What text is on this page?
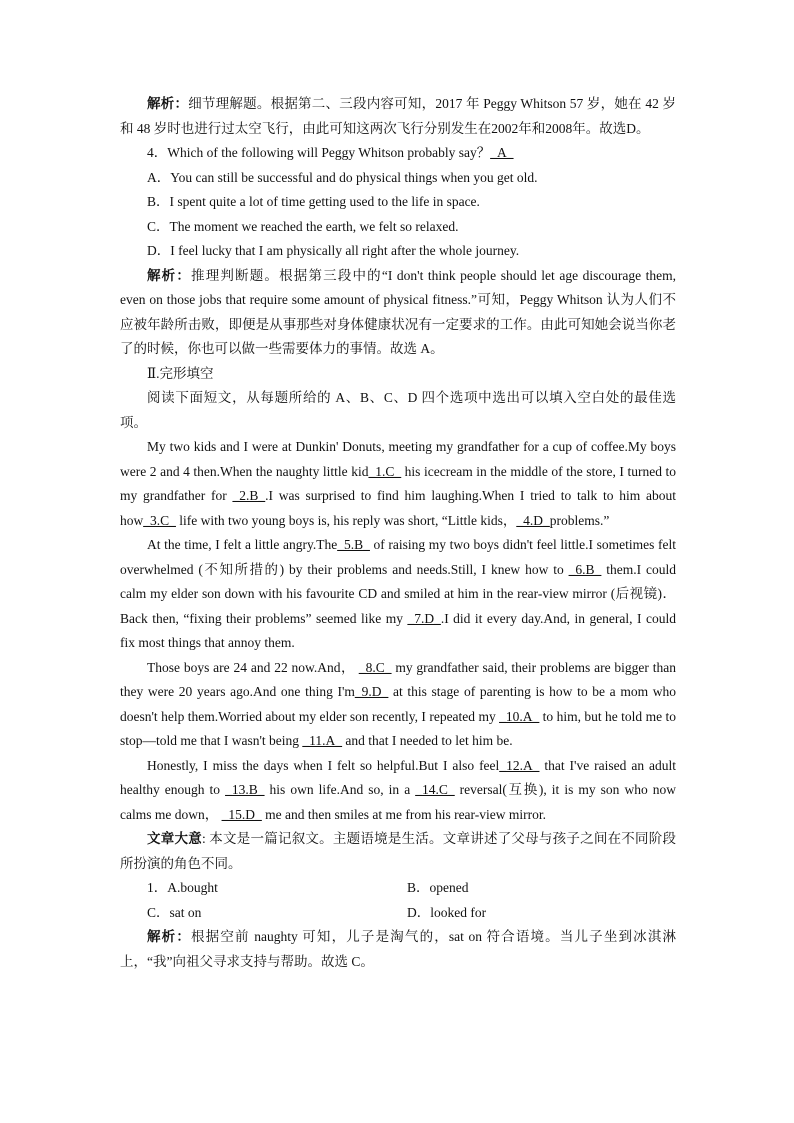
解析：细节理解题。根据第二、三段内容可知，2017 年 Peggy Whitson 57 岁，她在 42 岁和 48 岁时也进行过太空飞行，由此可知这两次飞行分别发生在2002年和2008年。故选D。

4．Which of the following will Peggy Whitson probably say？_A_

A．You can still be successful and do physical things when you get old.

B．I spent quite a lot of time getting used to the life in space.

C．The moment we reached the earth, we felt so relaxed.

D．I feel lucky that I am physically all right after the whole journey.

解析：推理判断题。根据第三段中的“I don't think people should let age discourage them, even on those jobs that require some amount of physical fitness.”可知，Peggy Whitson 认为人们不应被年龄所击败，即便是从事那些对身体健康状况有一定要求的工作。由此可知她会说当你老了的时候，你也可以做一些需要体力的事情。故选 A。

Ⅱ.完形填空

阅读下面短文，从每题所给的 A、B、C、D 四个选项中选出可以填入空白处的最佳选项。

My two kids and I were at Dunkin' Donuts, meeting my grandfather for a cup of coffee.My boys were 2 and 4 then.When the naughty little kid_1.C_ his icecream in the middle of the store, I turned to my grandfather for _2.B_.I was surprised to find him laughing.When I tried to talk to him about how_3.C_ life with two young boys is, his reply was short, “Little kids，_4.D_problems.”

At the time, I felt a little angry.The_5.B_ of raising my two boys didn't feel little.I sometimes felt overwhelmed (不知所措的) by their problems and needs.Still, I knew how to _6.B_ them.I could calm my elder son down with his favourite CD and smiled at him in the rear-view mirror (后视镜)．Back then, “fixing their problems” seemed like my _7.D_.I did it every day.And, in general, I could fix most things that annoy them.

Those boys are 24 and 22 now.And， _8.C_ my grandfather said, their problems are bigger than they were 20 years ago.And one thing I'm_9.D_ at this stage of parenting is how to be a mom who doesn't help them.Worried about my elder son recently, I repeated my _10.A_ to him, but he told me to stop—told me that I wasn't being _11.A_ and that I needed to let him be.

Honestly, I miss the days when I felt so helpful.But I also feel_12.A_ that I've raised an adult healthy enough to _13.B_ his own life.And so, in a _14.C_ reversal(互换), it is my son who now calms me down， _15.D_ me and then smiles at me from his rear-view mirror.

文章大意: 本文是一篇记叙文。主题语境是生活。文章讲述了父母与孩子之间在不同阶段所扮演的角色不同。

1．A.bought	B．opened
C．sat on	D．looked for

解析：根据空前 naughty 可知，儿子是淘气的，sat on 符合语境。当儿子坐到冰淇淋上，“我”向祖父寻求支持与帮助。故选 C。
